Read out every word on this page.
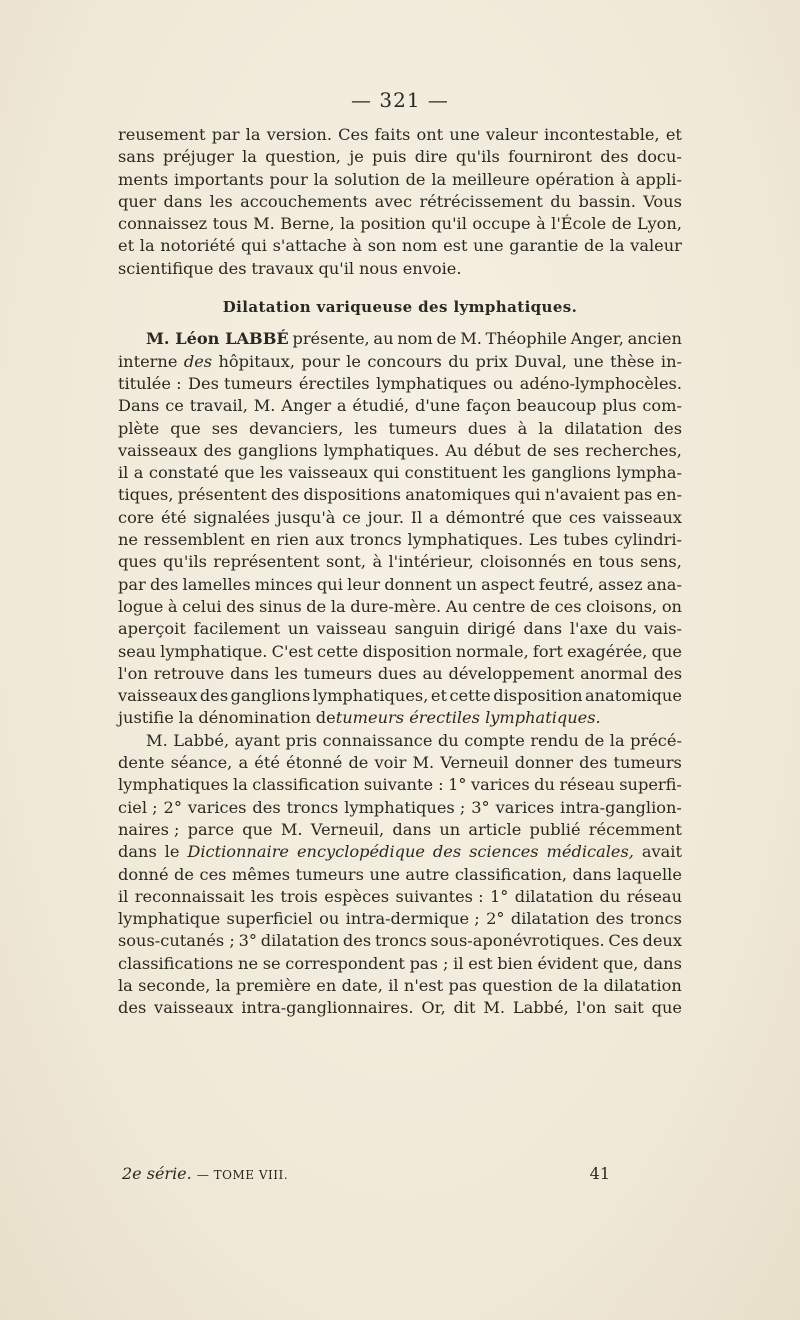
— 321 —
reusement par la version. Ces faits ont une valeur incontestable, et
sans préjuger la question, je puis dire qu'ils fourniront des docu-
ments importants pour la solution de la meilleure opération à appli-
quer dans les accouchements avec rétrécissement du bassin. Vous
connaissez tous M. Berne, la position qu'il occupe à l'École de Lyon,
et la notoriété qui s'attache à son nom est une garantie de la valeur
scientifique des travaux qu'il nous envoie.
Dilatation variqueuse des lymphatiques.
M. Léon LABBÉ présente, au nom de M. Théophile Anger, ancien
interne des hôpitaux, pour le concours du prix Duval, une thèse in-
titulée : Des tumeurs érectiles lymphatiques ou adéno-lymphocèles.
Dans ce travail, M. Anger a étudié, d'une façon beaucoup plus com-
plète que ses devanciers, les tumeurs dues à la dilatation des
vaisseaux des ganglions lymphatiques. Au début de ses recherches,
il a constaté que les vaisseaux qui constituent les ganglions lympha-
tiques, présentent des dispositions anatomiques qui n'avaient pas en-
core été signalées jusqu'à ce jour. Il a démontré que ces vaisseaux
ne ressemblent en rien aux troncs lymphatiques. Les tubes cylindri-
ques qu'ils représentent sont, à l'intérieur, cloisonnés en tous sens,
par des lamelles minces qui leur donnent un aspect feutré, assez ana-
logue à celui des sinus de la dure-mère. Au centre de ces cloisons, on
aperçoit facilement un vaisseau sanguin dirigé dans l'axe du vais-
seau lymphatique. C'est cette disposition normale, fort exagérée, que
l'on retrouve dans les tumeurs dues au développement anormal des
vaisseaux des ganglions lymphatiques, et cette disposition anatomique
justifie la dénomination de tumeurs érectiles lymphatiques.
M. Labbé, ayant pris connaissance du compte rendu de la précé-
dente séance, a été étonné de voir M. Verneuil donner des tumeurs
lymphatiques la classification suivante : 1° varices du réseau superfi-
ciel ; 2° varices des troncs lymphatiques ; 3° varices intra-ganglion-
naires ; parce que M. Verneuil, dans un article publié récemment
dans le Dictionnaire encyclopédique des sciences médicales, avait
donné de ces mêmes tumeurs une autre classification, dans laquelle
il reconnaissait les trois espèces suivantes : 1° dilatation du réseau
lymphatique superficiel ou intra-dermique ; 2° dilatation des troncs
sous-cutanés ; 3° dilatation des troncs sous-aponévrotiques. Ces deux
classifications ne se correspondent pas ; il est bien évident que, dans
la seconde, la première en date, il n'est pas question de la dilatation
des vaisseaux intra-ganglionnaires. Or, dit M. Labbé, l'on sait que
2e série. — TOME VIII.	41
